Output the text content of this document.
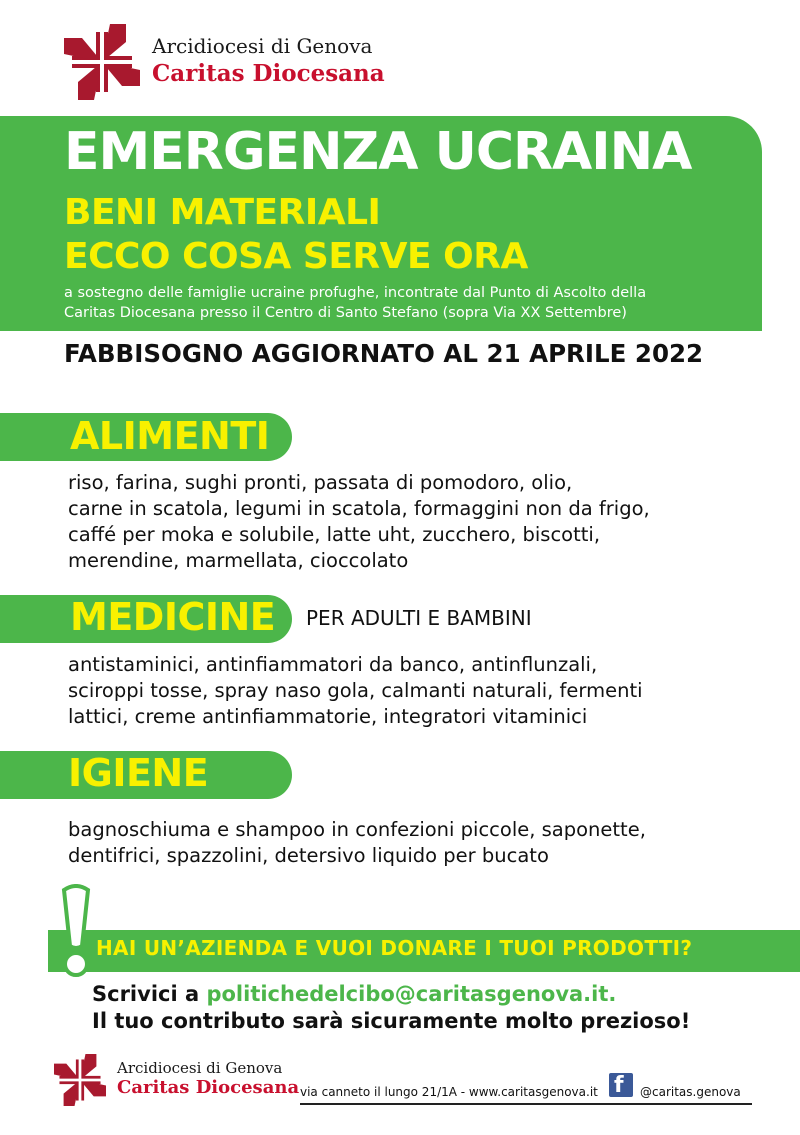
Arcidiocesi di Genova
Caritas Diocesana
EMERGENZA UCRAINA
BENI MATERIALI
ECCO COSA SERVE ORA
a sostegno delle famiglie ucraine profughe, incontrate dal Punto di Ascolto della
Caritas Diocesana presso il Centro di Santo Stefano (sopra Via XX Settembre)
FABBISOGNO AGGIORNATO AL 21 APRILE 2022
ALIMENTI
riso, farina, sughi pronti, passata di pomodoro, olio,
carne in scatola, legumi in scatola, formaggini non da frigo,
caffé per moka e solubile, latte uht, zucchero, biscotti,
merendine, marmellata, cioccolato
MEDICINE PER ADULTI E BAMBINI
antistaminici, antinfiammatori da banco, antinflunzali,
sciroppi tosse, spray naso gola, calmanti naturali, fermenti
lattici, creme antinfiammatorie, integratori vitaminici
IGIENE
bagnoschiuma e shampoo in confezioni piccole, saponette,
dentifrici, spazzolini, detersivo liquido per bucato
HAI UN’AZIENDA E VUOI DONARE I TUOI PRODOTTI?
Scrivici a politichedelcibo@caritasgenova.it.
Il tuo contributo sarà sicuramente molto prezioso!
Arcidiocesi di Genova
Caritas Diocesana via canneto il lungo 21/1A - www.caritasgenova.it f @caritas.genova
